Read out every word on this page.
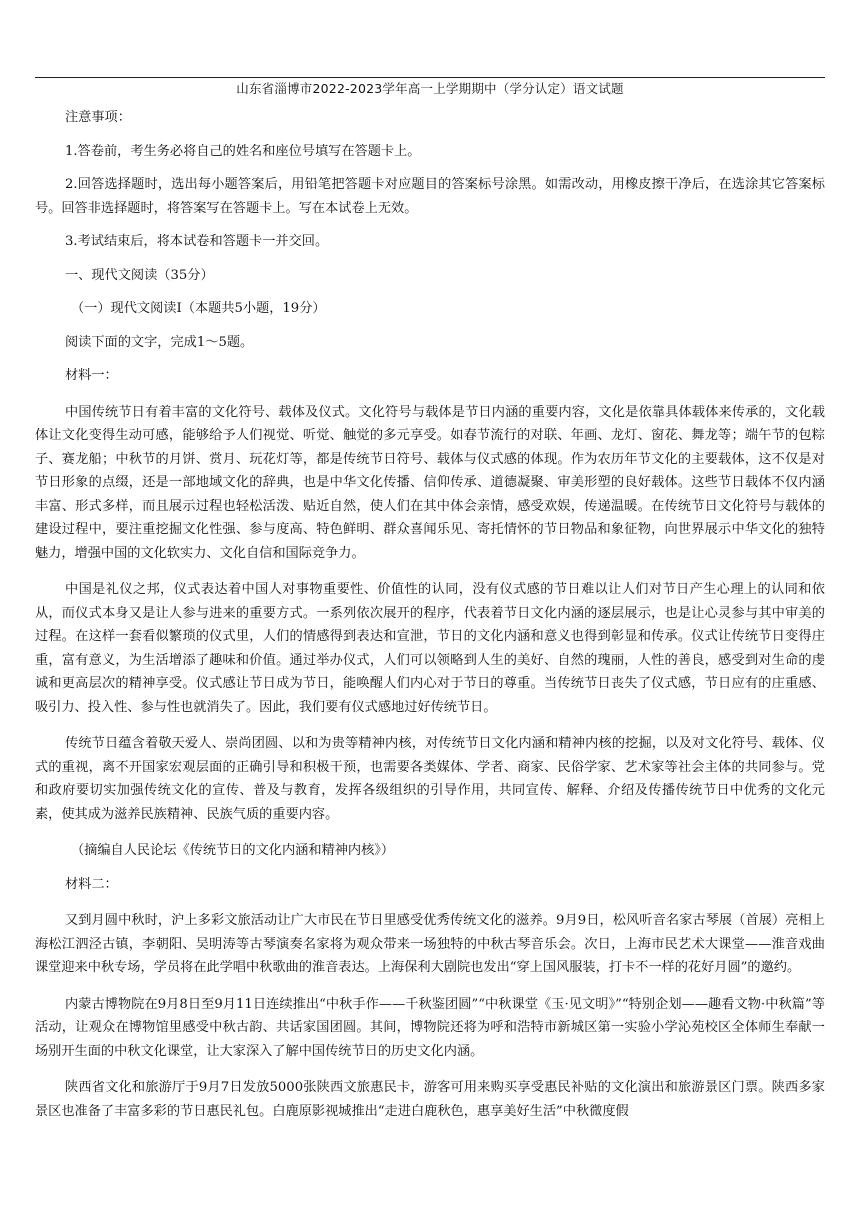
山东省淄博市2022-2023学年高一上学期期中（学分认定）语文试题

注意事项：

1.答卷前，考生务必将自己的姓名和座位号填写在答题卡上。

2.回答选择题时，选出每小题答案后，用铅笔把答题卡对应题目的答案标号涂黑。如需改动，用橡皮擦干净后，在选涂其它答案标号。回答非选择题时，将答案写在答题卡上。写在本试卷上无效。

3.考试结束后，将本试卷和答题卡一并交回。

一、现代文阅读（35分）

（一）现代文阅读Ⅰ（本题共5小题，19分）

阅读下面的文字，完成1～5题。

材料一：

中国传统节日有着丰富的文化符号、载体及仪式。文化符号与载体是节日内涵的重要内容，文化是依靠具体载体来传承的，文化载体让文化变得生动可感，能够给予人们视觉、听觉、触觉的多元享受。如春节流行的对联、年画、龙灯、窗花、舞龙等；端午节的包粽子、赛龙船；中秋节的月饼、赏月、玩花灯等，都是传统节日符号、载体与仪式感的体现。作为农历年节文化的主要载体，这不仅是对节日形象的点缀，还是一部地域文化的辞典，也是中华文化传播、信仰传承、道德凝聚、审美形塑的良好载体。这些节日载体不仅内涵丰富、形式多样，而且展示过程也轻松活泼、贴近自然，使人们在其中体会亲情，感受欢娱，传递温暖。在传统节日文化符号与载体的建设过程中，要注重挖掘文化性强、参与度高、特色鲜明、群众喜闻乐见、寄托情怀的节日物品和象征物，向世界展示中华文化的独特魅力，增强中国的文化软实力、文化自信和国际竞争力。

中国是礼仪之邦，仪式表达着中国人对事物重要性、价值性的认同，没有仪式感的节日难以让人们对节日产生心理上的认同和依从，而仪式本身又是让人参与进来的重要方式。一系列依次展开的程序，代表着节日文化内涵的逐层展示，也是让心灵参与其中审美的过程。在这样一套看似繁琐的仪式里，人们的情感得到表达和宣泄，节日的文化内涵和意义也得到彰显和传承。仪式让传统节日变得庄重，富有意义，为生活增添了趣味和价值。通过举办仪式，人们可以领略到人生的美好、自然的瑰丽，人性的善良，感受到对生命的虔诚和更高层次的精神享受。仪式感让节日成为节日，能唤醒人们内心对于节日的尊重。当传统节日丧失了仪式感，节日应有的庄重感、吸引力、投入性、参与性也就消失了。因此，我们要有仪式感地过好传统节日。

传统节日蕴含着敬天爱人、崇尚团圆、以和为贵等精神内核，对传统节日文化内涵和精神内核的挖掘，以及对文化符号、载体、仪式的重视，离不开国家宏观层面的正确引导和积极干预，也需要各类媒体、学者、商家、民俗学家、艺术家等社会主体的共同参与。党和政府要切实加强传统文化的宣传、普及与教育，发挥各级组织的引导作用，共同宣传、解释、介绍及传播传统节日中优秀的文化元素，使其成为滋养民族精神、民族气质的重要内容。

（摘编自人民论坛《传统节日的文化内涵和精神内核》）

材料二：

又到月圆中秋时，沪上多彩文旅活动让广大市民在节日里感受优秀传统文化的滋养。9月9日，松风听音名家古琴展（首展）亮相上海松江泗泾古镇，李朝阳、吴明涛等古琴演奏名家将为观众带来一场独特的中秋古琴音乐会。次日，上海市民艺术大课堂——淮音戏曲课堂迎来中秋专场，学员将在此学唱中秋歌曲的淮音表达。上海保利大剧院也发出“穿上国风服装，打卡不一样的花好月圆”的邀约。

内蒙古博物院在9月8日至9月11日连续推出“中秋手作——千秋鉴团圆”“中秋课堂《玉·见文明》”“特别企划——趣看文物·中秋篇”等活动，让观众在博物馆里感受中秋古韵、共话家国团圆。其间，博物院还将为呼和浩特市新城区第一实验小学沁苑校区全体师生奉献一场别开生面的中秋文化课堂，让大家深入了解中国传统节日的历史文化内涵。

陕西省文化和旅游厅于9月7日发放5000张陕西文旅惠民卡，游客可用来购买享受惠民补贴的文化演出和旅游景区门票。陕西多家景区也准备了丰富多彩的节日惠民礼包。白鹿原影视城推出“走进白鹿秋色，惠享美好生活”中秋微度假
